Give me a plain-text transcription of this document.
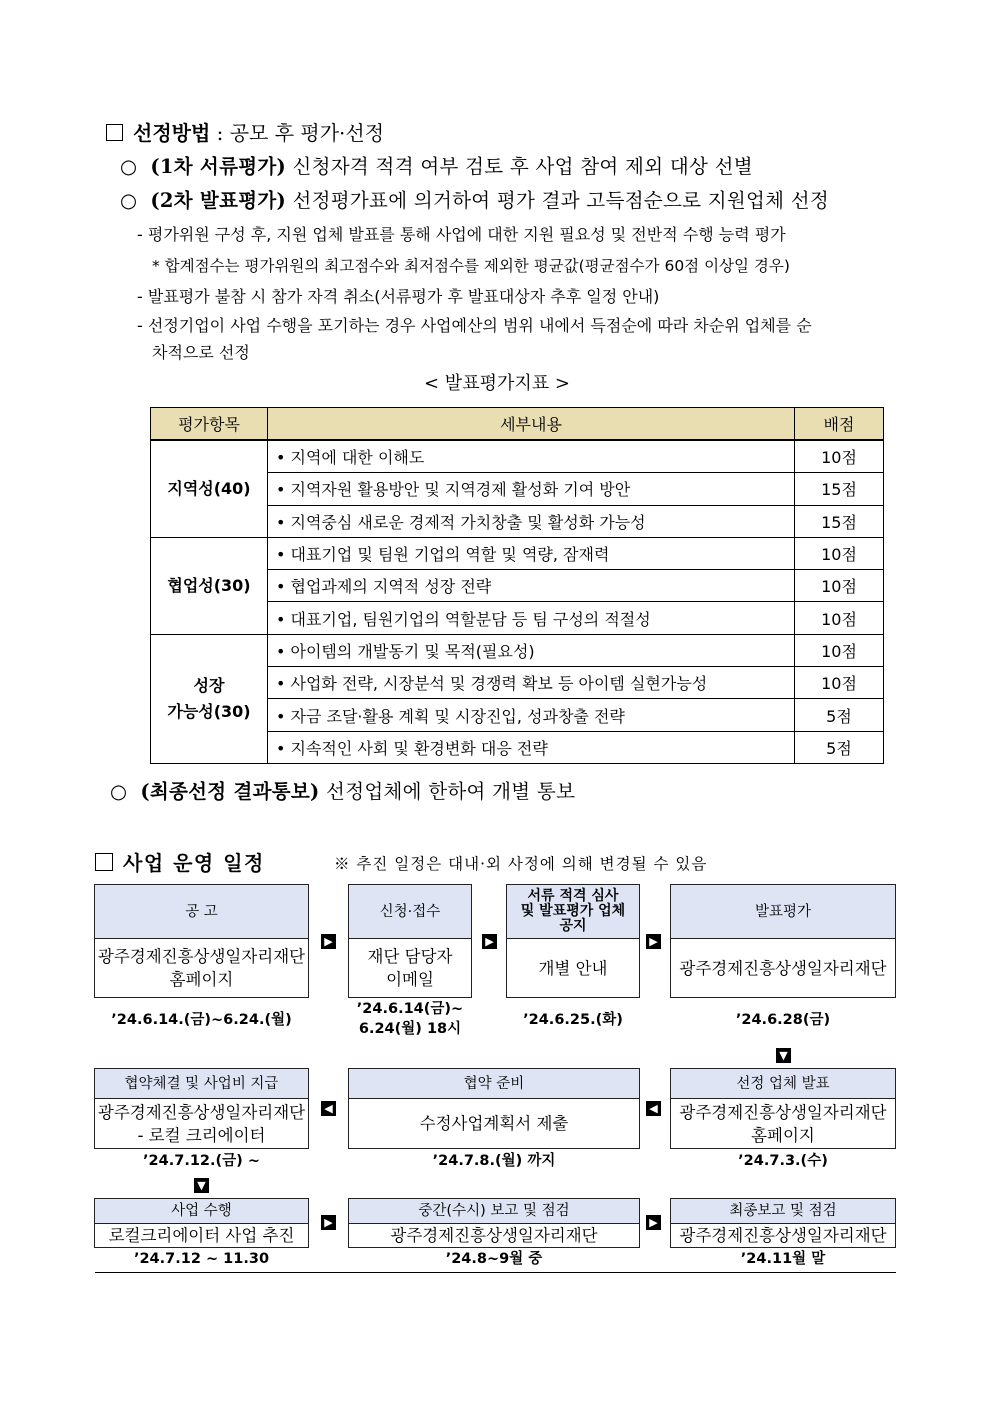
선정방법 : 공모 후 평가·선정
○  (1차 서류평가) 신청자격 적격 여부 검토 후 사업 참여 제외 대상 선별
○  (2차 발표평가) 선정평가표에 의거하여 평가 결과 고득점순으로 지원업체 선정
- 평가위원 구성 후, 지원 업체 발표를 통해 사업에 대한 지원 필요성 및 전반적 수행 능력 평가
* 합계점수는 평가위원의 최고점수와 최저점수를 제외한 평균값(평균점수가 60점 이상일 경우)
- 발표평가 불참 시 참가 자격 취소(서류평가 후 발표대상자 추후 일정 안내)
- 선정기업이 사업 수행을 포기하는 경우 사업예산의 범위 내에서 득점순에 따라 차순위 업체를 순
차적으로 선정
< 발표평가지표 >
평가항목	세부내용	배점
지역성(40)	• 지역에 대한 이해도	10점
	• 지역자원 활용방안 및 지역경제 활성화 기여 방안	15점
	• 지역중심 새로운 경제적 가치창출 및 활성화 가능성	15점
협업성(30)	• 대표기업 및 팀원 기업의 역할 및 역량, 잠재력	10점
	• 협업과제의 지역적 성장 전략	10점
	• 대표기업, 팀원기업의 역할분담 등 팀 구성의 적절성	10점

성장
가능성(30)	• 아이템의 개발동기 및 목적(필요성)	10점
	• 사업화 전략, 시장분석 및 경쟁력 확보 등 아이템 실현가능성	10점
	• 자금 조달·활용 계획 및 시장진입, 성과창출 전략	5점
	• 지속적인 사회 및 환경변화 대응 전략	5점
○  (최종선정 결과통보) 선정업체에 한하여 개별 통보
사업 운영 일정	※ 추진 일정은 대내·외 사정에 의해 변경될 수 있음
공 고
광주경제진흥상생일자리재단
홈페이지
신청·접수
재단 담당자
이메일
서류 적격 심사
및 발표평가 업체
공지
개별 안내
발표평가
광주경제진흥상생일자리재단
’24.6.14.(금)~6.24.(월)
’24.6.14(금)~
6.24(월) 18시
’24.6.25.(화)	’24.6.28(금)
▶	▶	▶
▼
협약체결 및 사업비 지급
광주경제진흥상생일자리재단
- 로컬 크리에이터
협약 준비
수정사업계획서 제출
선정 업체 발표
광주경제진흥상생일자리재단
홈페이지
◀	◀
’24.7.12.(금) ~	’24.7.8.(월) 까지	’24.7.3.(수)
▼
사업 수행
로컬크리에이터 사업 추진
중간(수시) 보고 및 점검
광주경제진흥상생일자리재단
최종보고 및 점검
광주경제진흥상생일자리재단
▶	▶
’24.7.12 ~ 11.30	’24.8~9월 중	’24.11월 말
